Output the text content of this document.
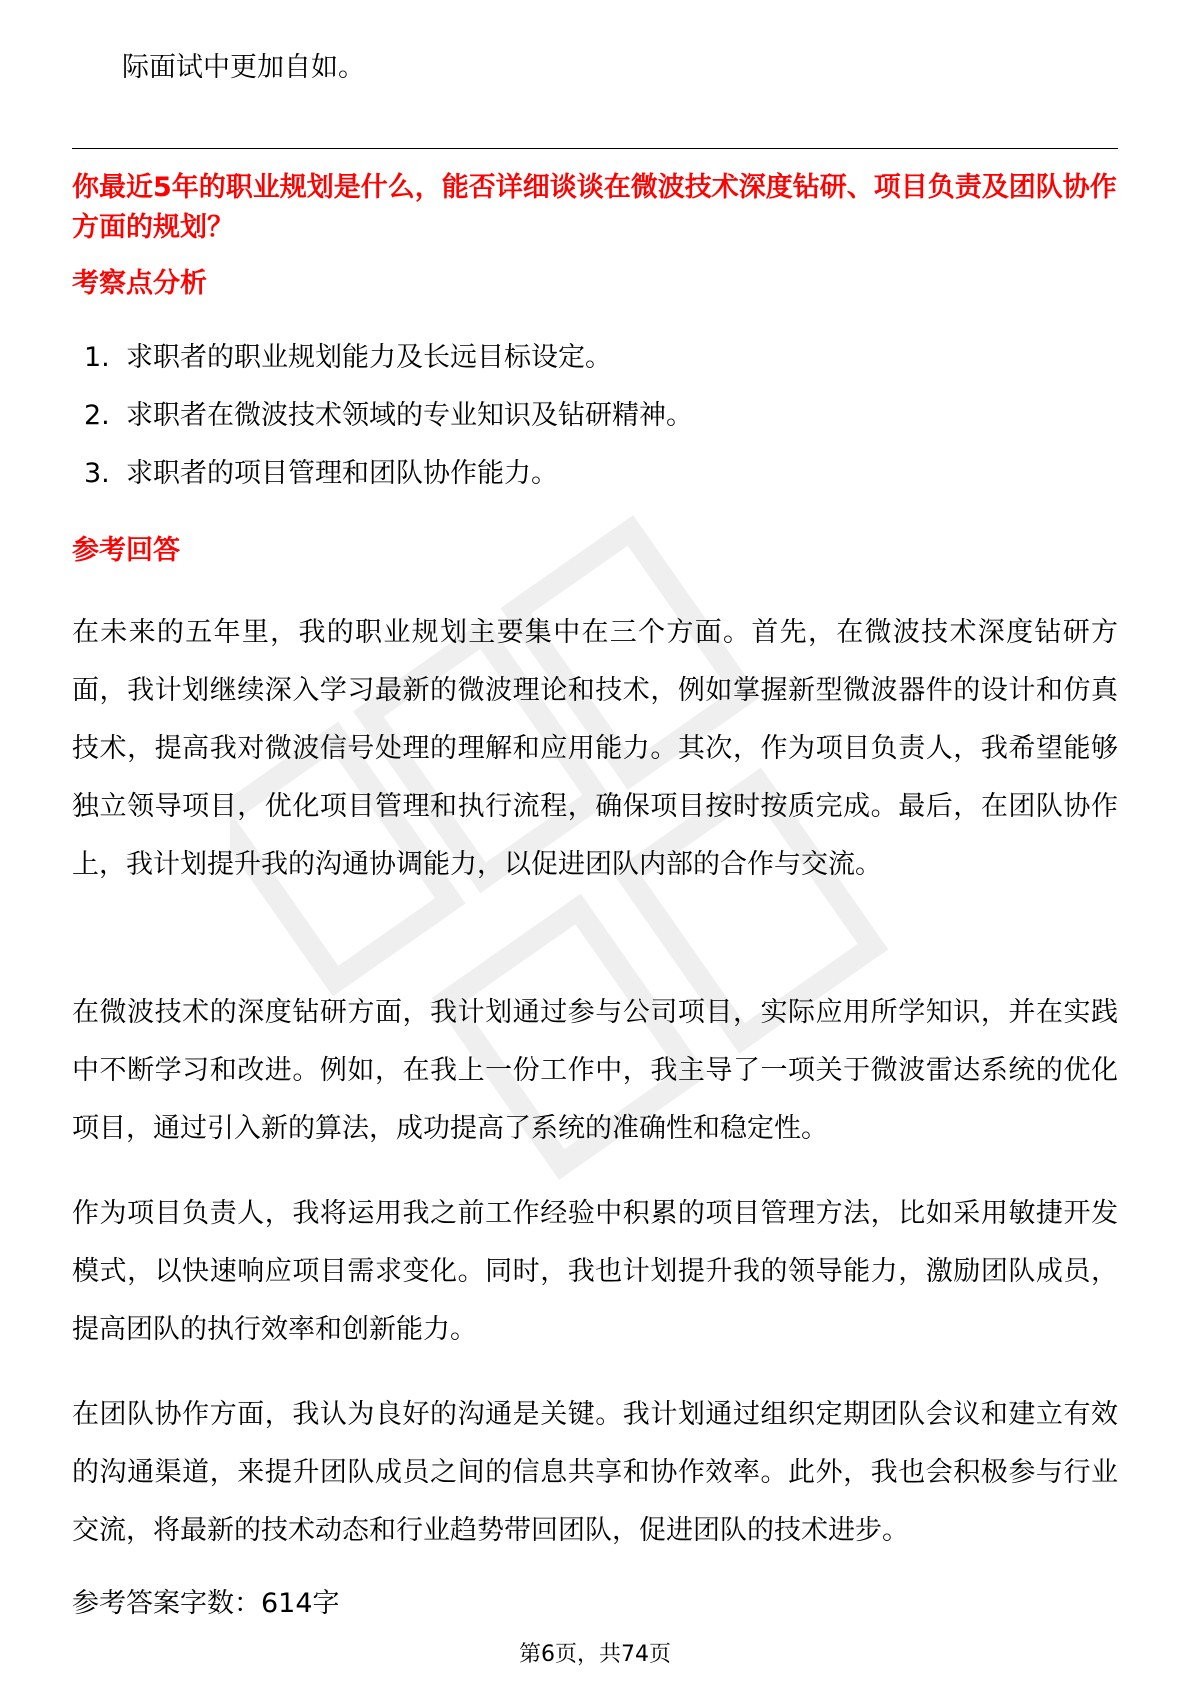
际面试中更加自如。

你最近5年的职业规划是什么，能否详细谈谈在微波技术深度钻研、项目负责及团队协作方面的规划？
考察点分析
1. 求职者的职业规划能力及长远目标设定。
2. 求职者在微波技术领域的专业知识及钻研精神。
3. 求职者的项目管理和团队协作能力。
参考回答

在未来的五年里，我的职业规划主要集中在三个方面。首先，在微波技术深度钻研方面，我计划继续深入学习最新的微波理论和技术，例如掌握新型微波器件的设计和仿真技术，提高我对微波信号处理的理解和应用能力。其次，作为项目负责人，我希望能够独立领导项目，优化项目管理和执行流程，确保项目按时按质完成。最后，在团队协作上，我计划提升我的沟通协调能力，以促进团队内部的合作与交流。

在微波技术的深度钻研方面，我计划通过参与公司项目，实际应用所学知识，并在实践中不断学习和改进。例如，在我上一份工作中，我主导了一项关于微波雷达系统的优化项目，通过引入新的算法，成功提高了系统的准确性和稳定性。

作为项目负责人，我将运用我之前工作经验中积累的项目管理方法，比如采用敏捷开发模式，以快速响应项目需求变化。同时，我也计划提升我的领导能力，激励团队成员，提高团队的执行效率和创新能力。

在团队协作方面，我认为良好的沟通是关键。我计划通过组织定期团队会议和建立有效的沟通渠道，来提升团队成员之间的信息共享和协作效率。此外，我也会积极参与行业交流，将最新的技术动态和行业趋势带回团队，促进团队的技术进步。

参考答案字数：614字

第6页，共74页
